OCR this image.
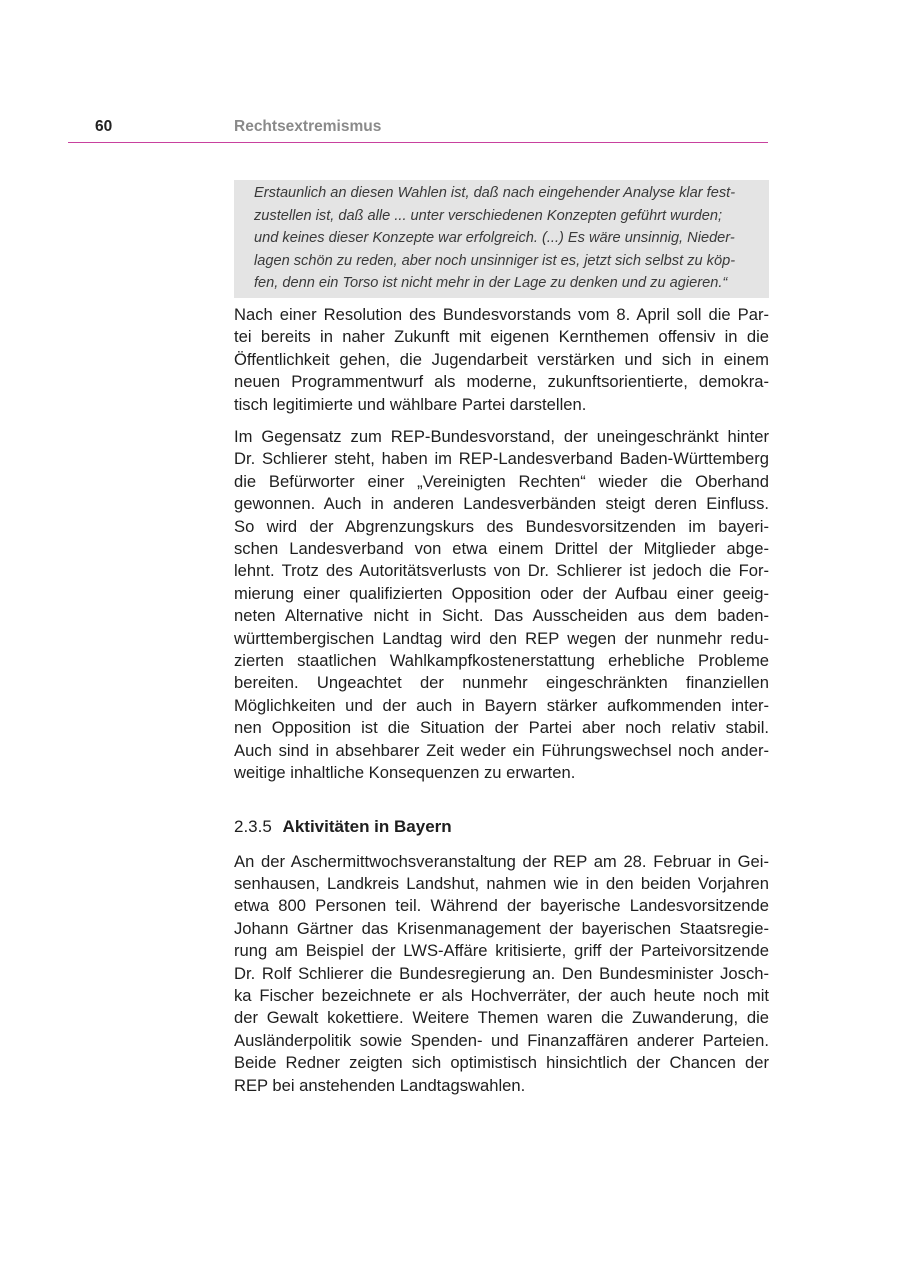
60	Rechtsextremismus
Erstaunlich an diesen Wahlen ist, daß nach eingehender Analyse klar fest-
zustellen ist, daß alle ... unter verschiedenen Konzepten geführt wurden;
und keines dieser Konzepte war erfolgreich. (...) Es wäre unsinnig, Nieder-
lagen schön zu reden, aber noch unsinniger ist es, jetzt sich selbst zu köp-
fen, denn ein Torso ist nicht mehr in der Lage zu denken und zu agieren.“
Nach einer Resolution des Bundesvorstands vom 8. April soll die Par-
tei bereits in naher Zukunft mit eigenen Kernthemen offensiv in die
Öffentlichkeit gehen, die Jugendarbeit verstärken und sich in einem
neuen Programmentwurf als moderne, zukunftsorientierte, demokra-
tisch legitimierte und wählbare Partei darstellen.
Im Gegensatz zum REP-Bundesvorstand, der uneingeschränkt hinter
Dr. Schlierer steht, haben im REP-Landesverband Baden-Württemberg
die Befürworter einer „Vereinigten Rechten“ wieder die Oberhand
gewonnen. Auch in anderen Landesverbänden steigt deren Einfluss.
So wird der Abgrenzungskurs des Bundesvorsitzenden im bayeri-
schen Landesverband von etwa einem Drittel der Mitglieder abge-
lehnt. Trotz des Autoritätsverlusts von Dr. Schlierer ist jedoch die For-
mierung einer qualifizierten Opposition oder der Aufbau einer geeig-
neten Alternative nicht in Sicht. Das Ausscheiden aus dem baden-
württembergischen Landtag wird den REP wegen der nunmehr redu-
zierten staatlichen Wahlkampfkostenerstattung erhebliche Probleme
bereiten. Ungeachtet der nunmehr eingeschränkten finanziellen
Möglichkeiten und der auch in Bayern stärker aufkommenden inter-
nen Opposition ist die Situation der Partei aber noch relativ stabil.
Auch sind in absehbarer Zeit weder ein Führungswechsel noch ander-
weitige inhaltliche Konsequenzen zu erwarten.
2.3.5 Aktivitäten in Bayern
An der Aschermittwochsveranstaltung der REP am 28. Februar in Gei-
senhausen, Landkreis Landshut, nahmen wie in den beiden Vorjahren
etwa 800 Personen teil. Während der bayerische Landesvorsitzende
Johann Gärtner das Krisenmanagement der bayerischen Staatsregie-
rung am Beispiel der LWS-Affäre kritisierte, griff der Parteivorsitzende
Dr. Rolf Schlierer die Bundesregierung an. Den Bundesminister Josch-
ka Fischer bezeichnete er als Hochverräter, der auch heute noch mit
der Gewalt kokettiere. Weitere Themen waren die Zuwanderung, die
Ausländerpolitik sowie Spenden- und Finanzaffären anderer Parteien.
Beide Redner zeigten sich optimistisch hinsichtlich der Chancen der
REP bei anstehenden Landtagswahlen.
